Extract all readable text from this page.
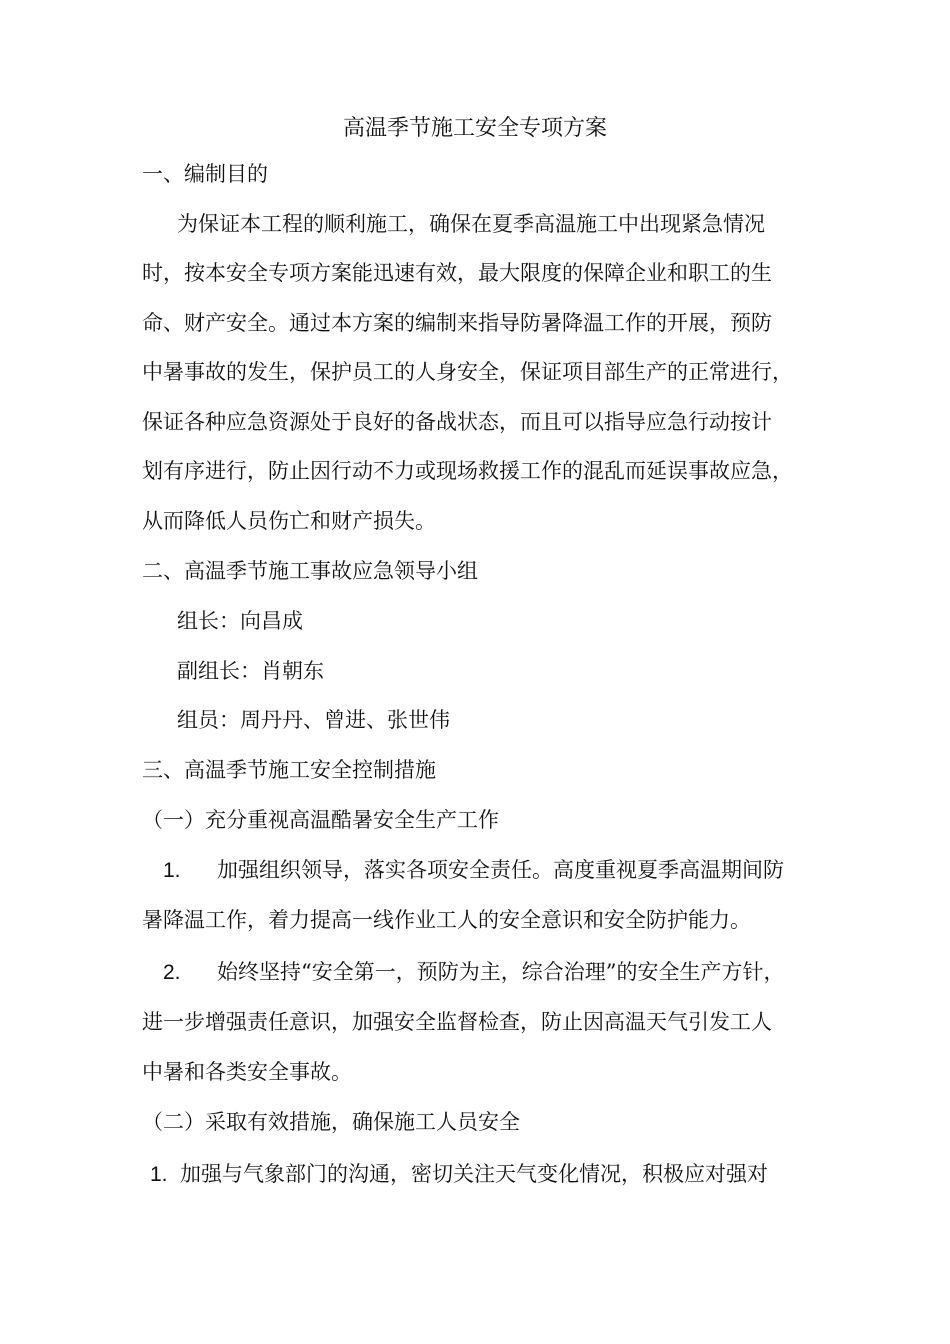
高温季节施工安全专项方案
一、编制目的
为保证本工程的顺利施工，确保在夏季高温施工中出现紧急情况
时，按本安全专项方案能迅速有效，最大限度的保障企业和职工的生
命、财产安全。通过本方案的编制来指导防暑降温工作的开展，预防
中暑事故的发生，保护员工的人身安全，保证项目部生产的正常进行，
保证各种应急资源处于良好的备战状态，而且可以指导应急行动按计
划有序进行，防止因行动不力或现场救援工作的混乱而延误事故应急，
从而降低人员伤亡和财产损失。
二、高温季节施工事故应急领导小组
组长：向昌成
副组长：肖朝东
组员：周丹丹、曾进、张世伟
三、高温季节施工安全控制措施
（一）充分重视高温酷暑安全生产工作
1. 加强组织领导，落实各项安全责任。高度重视夏季高温期间防
暑降温工作，着力提高一线作业工人的安全意识和安全防护能力。
2. 始终坚持“安全第一，预防为主，综合治理”的安全生产方针，
进一步增强责任意识，加强安全监督检查，防止因高温天气引发工人
中暑和各类安全事故。
（二）采取有效措施，确保施工人员安全
1. 加强与气象部门的沟通，密切关注天气变化情况，积极应对强对
